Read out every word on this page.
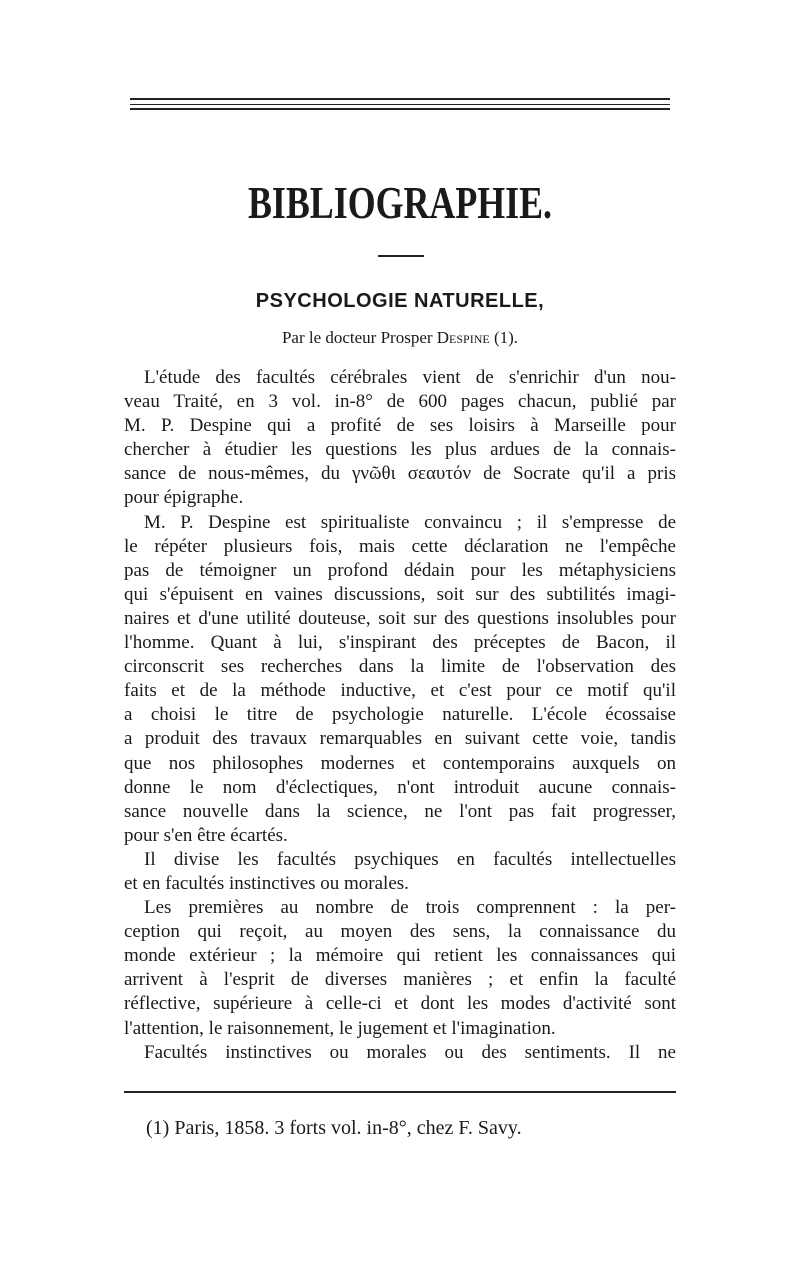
BIBLIOGRAPHIE.
PSYCHOLOGIE NATURELLE,
Par le docteur Prosper Despine (1).
L'étude des facultés cérébrales vient de s'enrichir d'un nou-
veau Traité, en 3 vol. in-8° de 600 pages chacun, publié par
M. P. Despine qui a profité de ses loisirs à Marseille pour
chercher à étudier les questions les plus ardues de la connais-
sance de nous-mêmes, du γνῶθι σεαυτόν de Socrate qu'il a pris
pour épigraphe.
M. P. Despine est spiritualiste convaincu ; il s'empresse de
le répéter plusieurs fois, mais cette déclaration ne l'empêche
pas de témoigner un profond dédain pour les métaphysiciens
qui s'épuisent en vaines discussions, soit sur des subtilités imagi-
naires et d'une utilité douteuse, soit sur des questions insolubles pour
l'homme. Quant à lui, s'inspirant des préceptes de Bacon, il
circonscrit ses recherches dans la limite de l'observation des
faits et de la méthode inductive, et c'est pour ce motif qu'il
a choisi le titre de psychologie naturelle. L'école écossaise
a produit des travaux remarquables en suivant cette voie, tandis
que nos philosophes modernes et contemporains auxquels on
donne le nom d'éclectiques, n'ont introduit aucune connais-
sance nouvelle dans la science, ne l'ont pas fait progresser,
pour s'en être écartés.
Il divise les facultés psychiques en facultés intellectuelles
et en facultés instinctives ou morales.
Les premières au nombre de trois comprennent : la per-
ception qui reçoit, au moyen des sens, la connaissance du
monde extérieur ; la mémoire qui retient les connaissances qui
arrivent à l'esprit de diverses manières ; et enfin la faculté
réflective, supérieure à celle-ci et dont les modes d'activité sont
l'attention, le raisonnement, le jugement et l'imagination.
Facultés instinctives ou morales ou des sentiments. Il ne
(1) Paris, 1858. 3 forts vol. in-8°, chez F. Savy.
